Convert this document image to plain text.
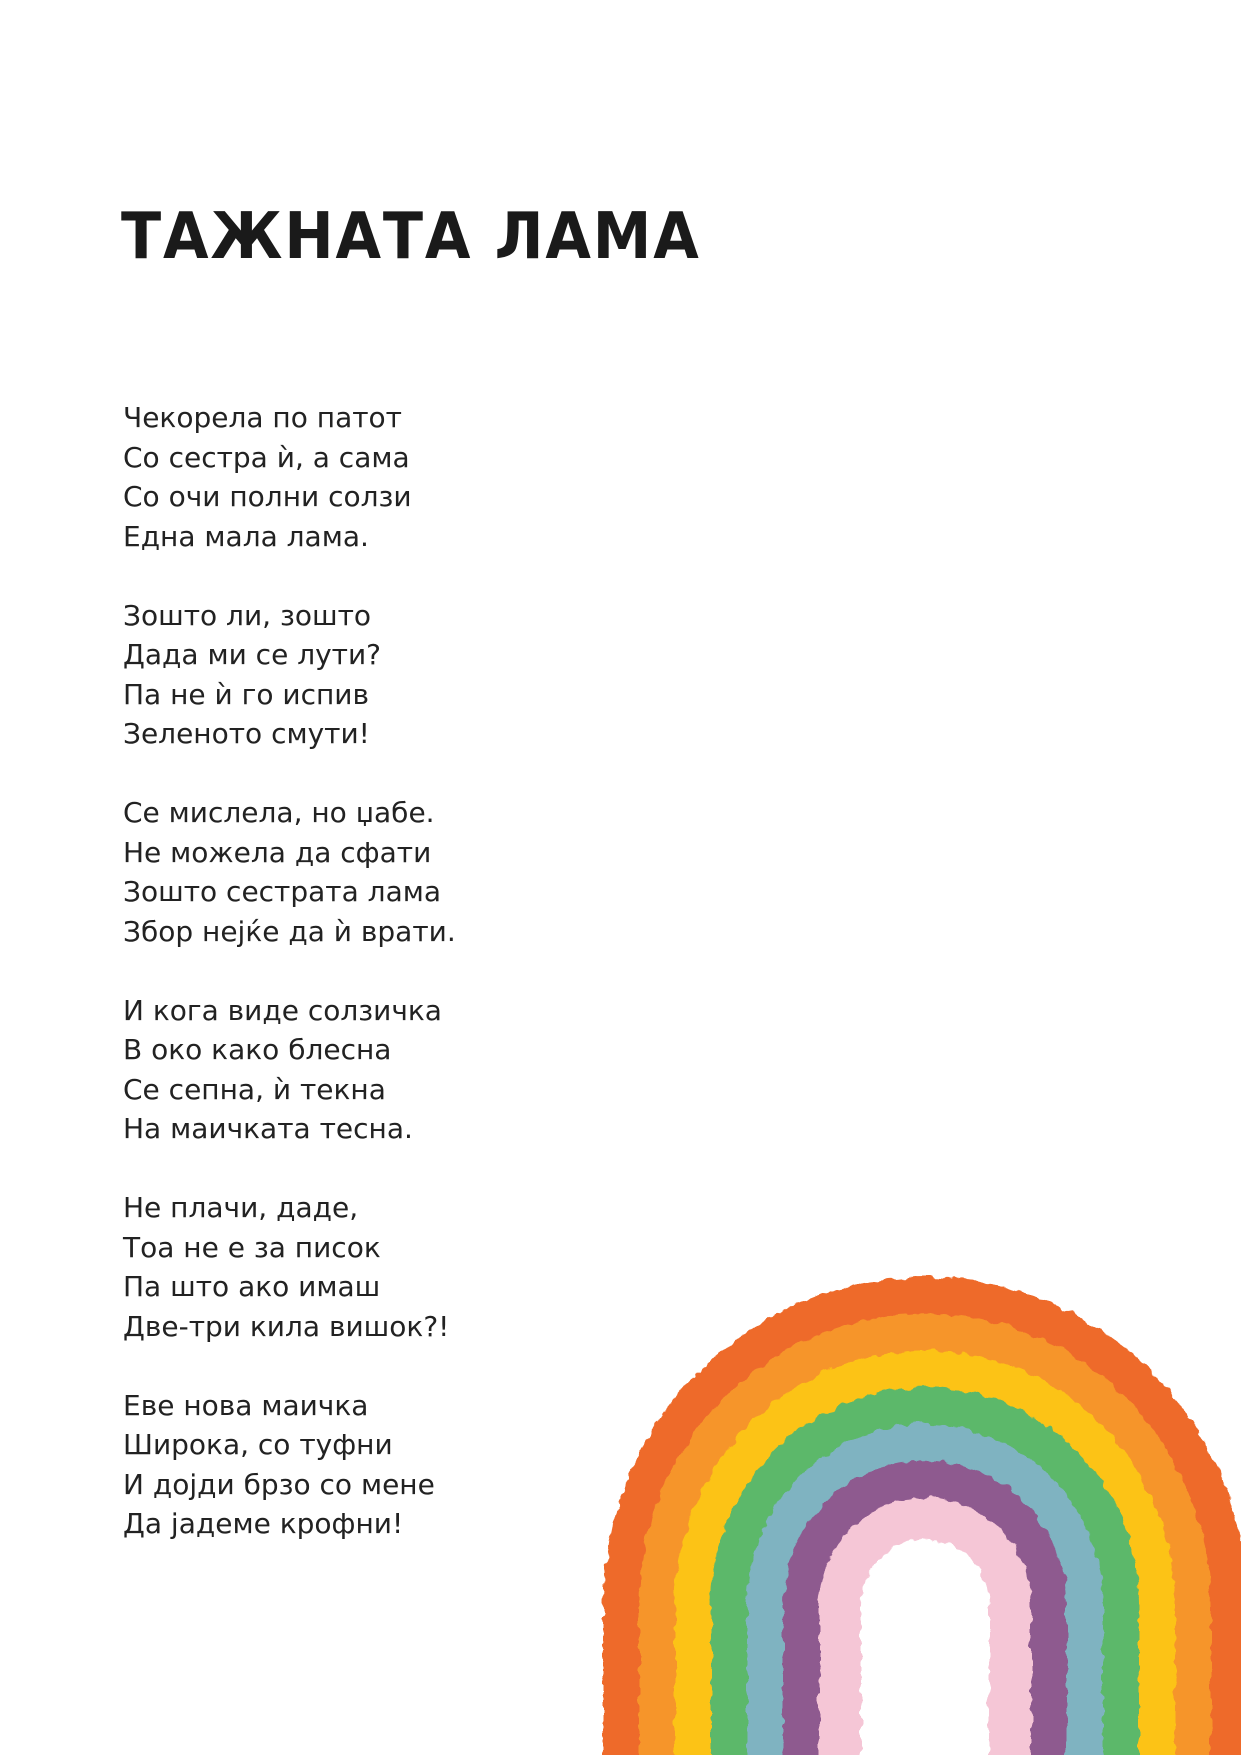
ТАЖНАТА ЛАМА
Чекорела по патот
Со сестра ѝ, а сама
Со очи полни солзи
Една мала лама.
Зошто ли, зошто
Дада ми се лути?
Па не ѝ го испив
Зеленото смути!
Се мислела, но џабе.
Не можела да сфати
Зошто сестрата лама
Збор нејќе да ѝ врати.
И кога виде солзичка
В око како блесна
Се сепна, ѝ текна
На маичката тесна.
Не плачи, даде,
Тоа не е за писок
Па што ако имаш
Две-три кила вишок?!
Еве нова маичка
Широка, со туфни
И дојди брзо со мене
Да јадеме крофни!
